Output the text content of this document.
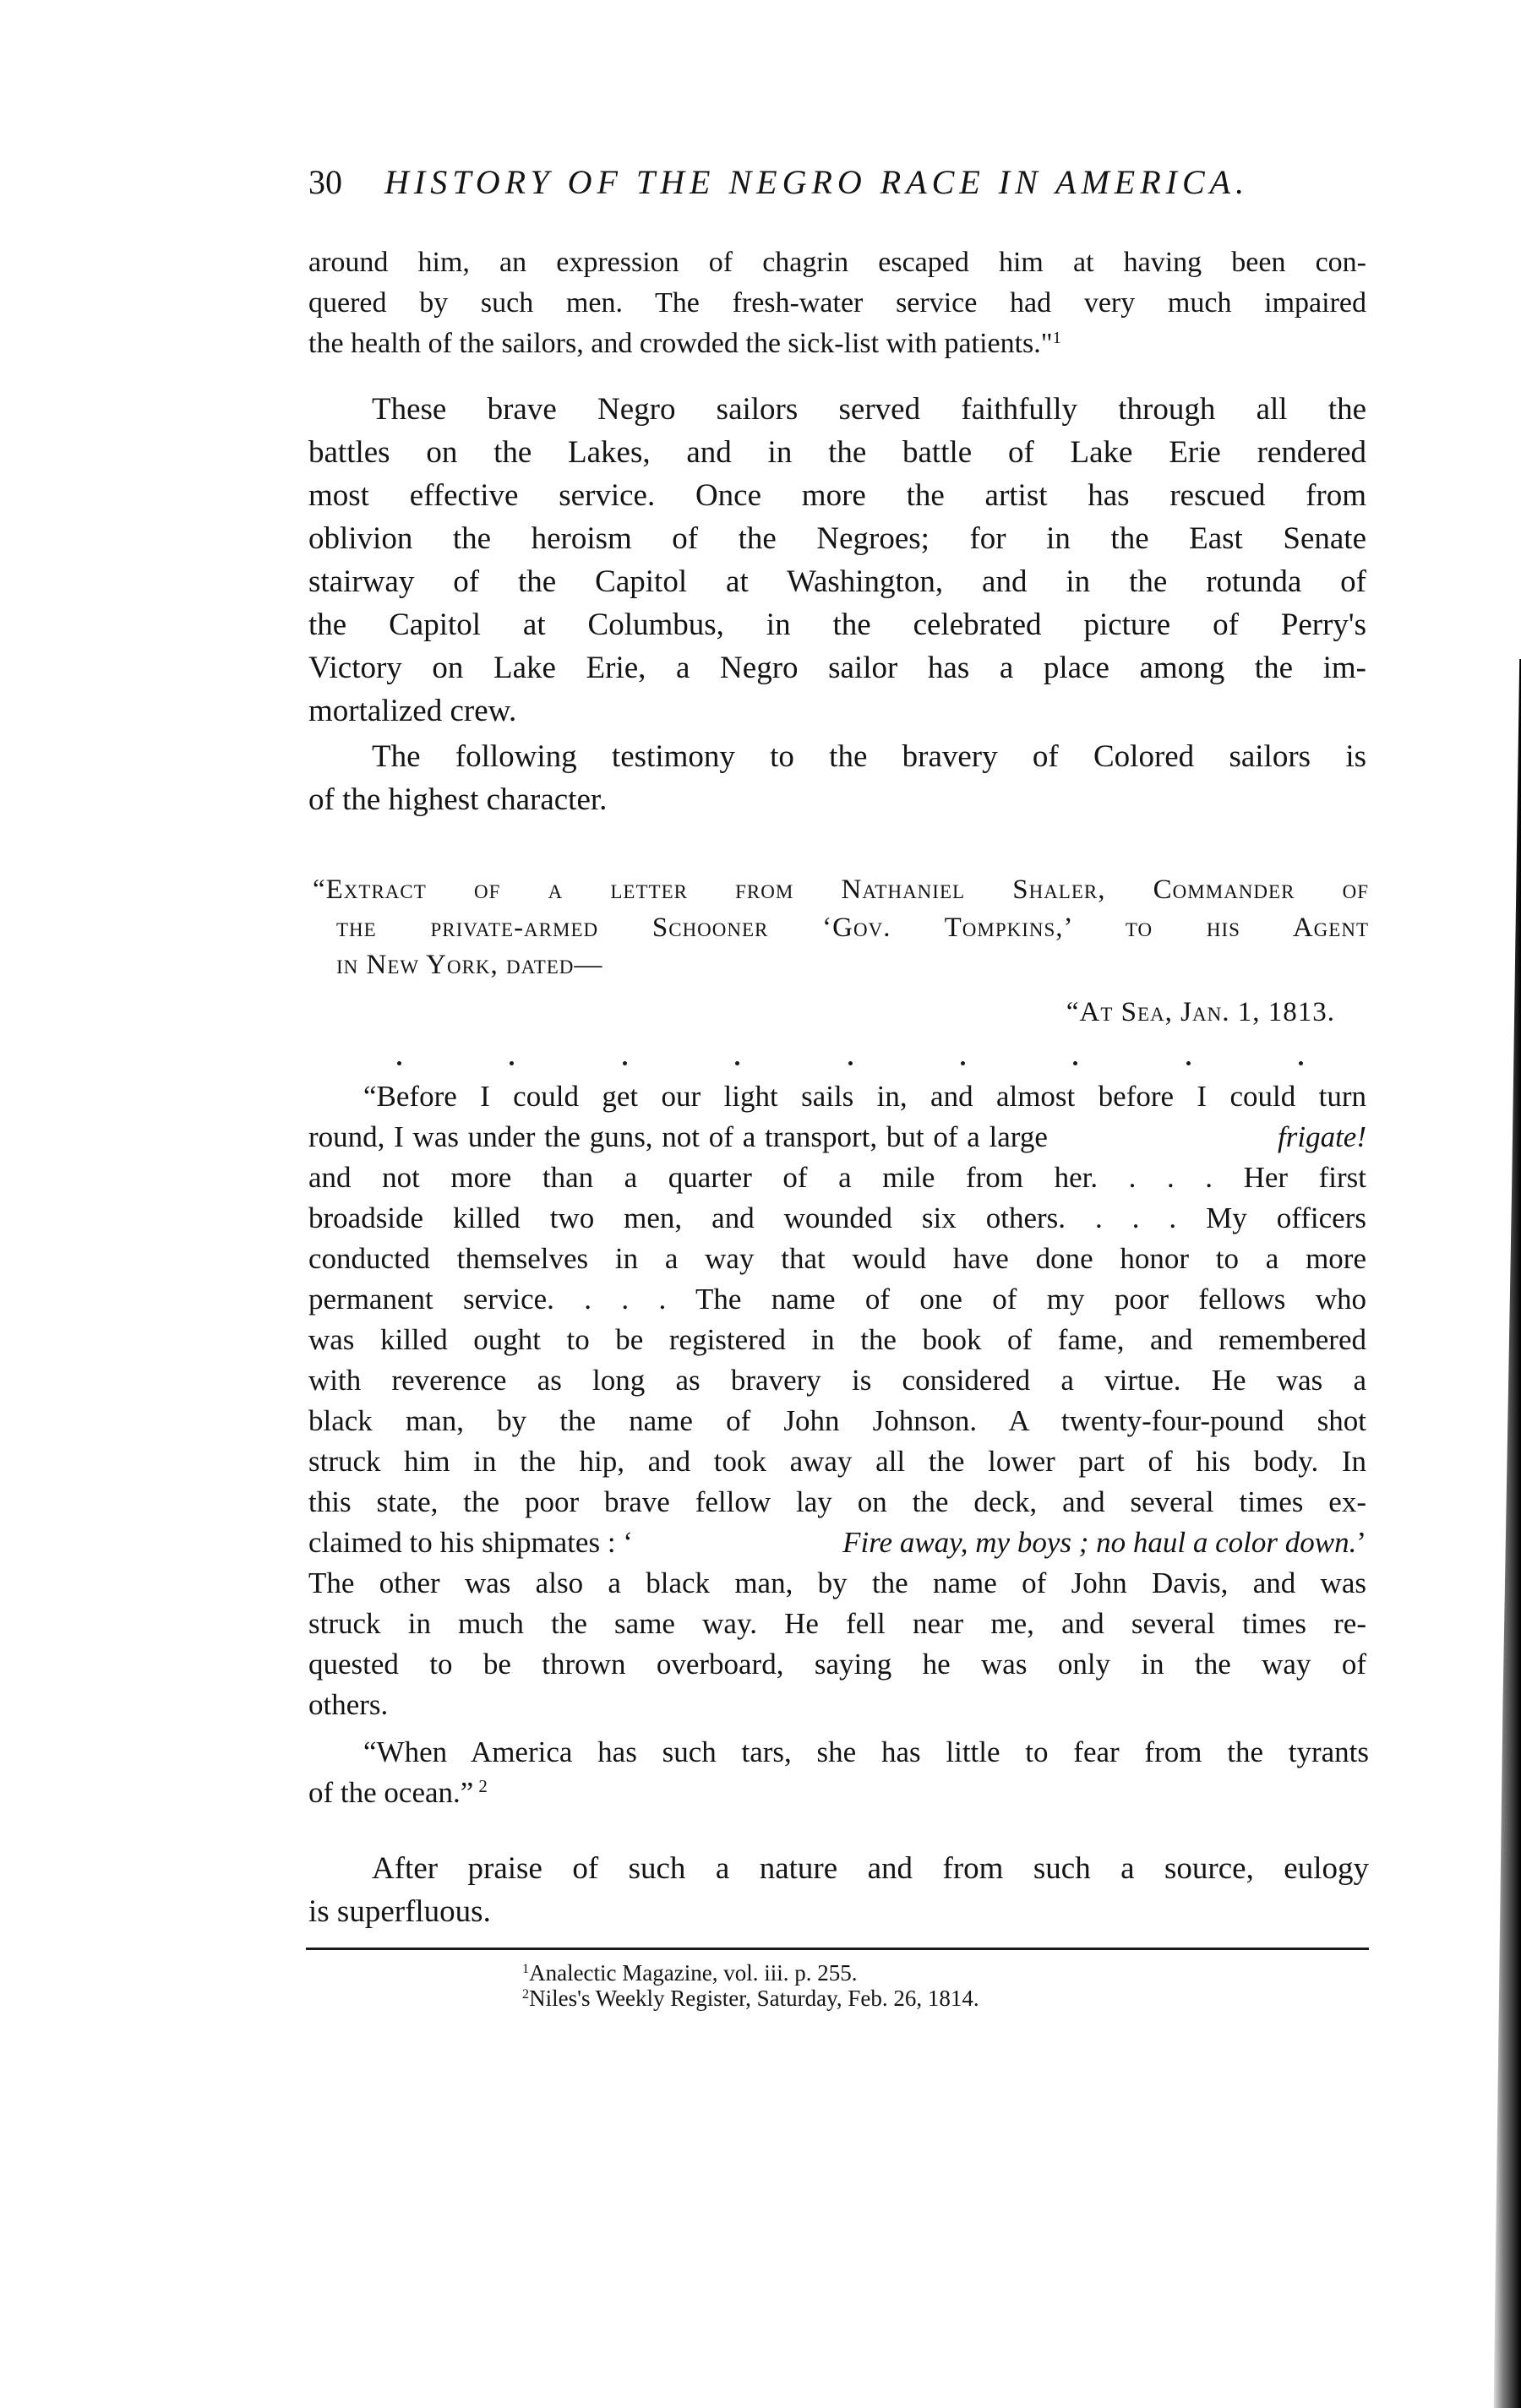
30 HISTORY OF THE NEGRO RACE IN AMERICA.
around him, an expression of chagrin escaped him at having been con-
quered by such men. The fresh-water service had very much impaired
the health of the sailors, and crowded the sick-list with patients."$^1$
These brave Negro sailors served faithfully through all the
battles on the Lakes, and in the battle of Lake Erie rendered
most effective service. Once more the artist has rescued from
oblivion the heroism of the Negroes; for in the East Senate
stairway of the Capitol at Washington, and in the rotunda of
the Capitol at Columbus, in the celebrated picture of Perry's
Victory on Lake Erie, a Negro sailor has a place among the im-
mortalized crew.
The following testimony to the bravery of Colored sailors is
of the highest character.
“Extract of a letter from Nathaniel Shaler, Commander of
the private-armed Schooner ‘Gov. Tompkins,’ to his Agent
in New York, dated—
“At Sea, Jan. 1, 1813.
“Before I could get our light sails in, and almost before I could turn
round, I was under the guns, not of a transport, but of a large	frigate!
and not more than a quarter of a mile from her. . . . Her first
broadside killed two men, and wounded six others. . . . My officers
conducted themselves in a way that would have done honor to a more
permanent service. . . . The name of one of my poor fellows who
was killed ought to be registered in the book of fame, and remembered
with reverence as long as bravery is considered a virtue. He was a
black man, by the name of John Johnson. A twenty-four-pound shot
struck him in the hip, and took away all the lower part of his body. In
this state, the poor brave fellow lay on the deck, and several times ex-
claimed to his shipmates : ‘	Fire away, my boys ; no haul a color down.’
The other was also a black man, by the name of John Davis, and was
struck in much the same way. He fell near me, and several times re-
quested to be thrown overboard, saying he was only in the way of
others.
“When America has such tars, she has little to fear from the tyrants
of the ocean.” $^2$
After praise of such a nature and from such a source, eulogy
is superfluous.
$^1$Analectic Magazine, vol. iii. p. 255.
$^2$Niles's Weekly Register, Saturday, Feb. 26, 1814.
